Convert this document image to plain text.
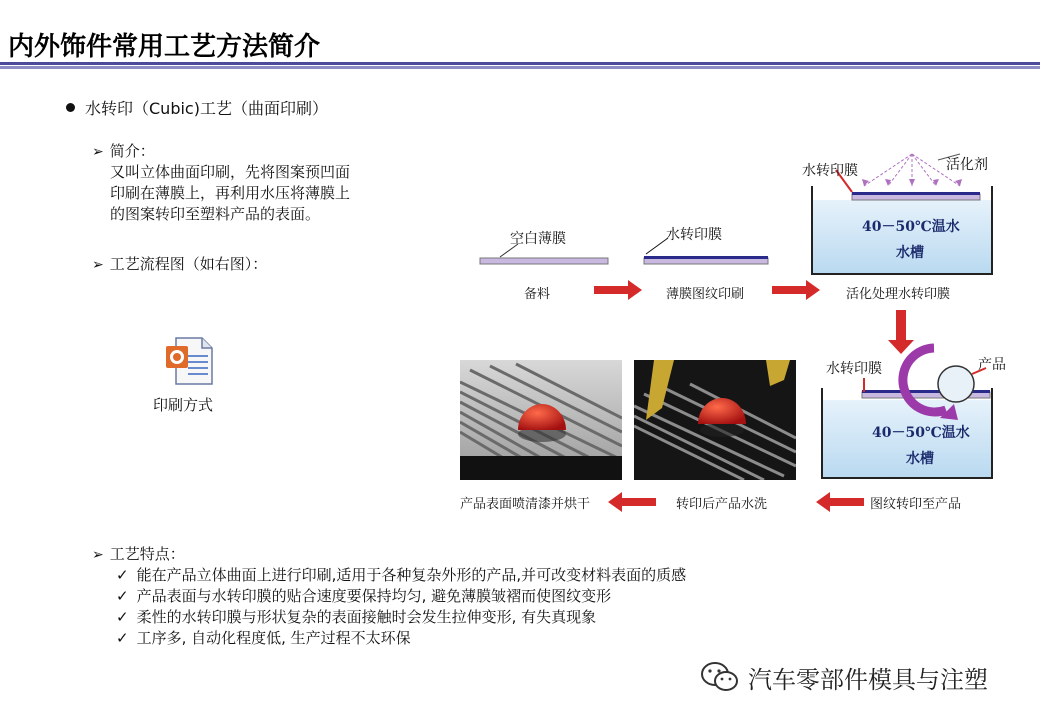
内外饰件常用工艺方法简介
水转印（Cubic)工艺（曲面印刷）
➢ 简介：
又叫立体曲面印刷，先将图案预凹面
印刷在薄膜上，再利用水压将薄膜上
的图案转印至塑料产品的表面。
➢ 工艺流程图（如右图）：
印刷方式
空白薄膜	水转印膜
水转印膜	活化剂
40－50℃温水
水槽
水转印膜	产品
40－50℃温水
水槽
备料	薄膜图纹印刷	活化处理水转印膜
图纹转印至产品
转印后产品水洗
产品表面喷清漆并烘干
➢ 工艺特点：
✓ 能在产品立体曲面上进行印刷,适用于各种复杂外形的产品,并可改变材料表面的质感
✓ 产品表面与水转印膜的贴合速度要保持均匀, 避免薄膜皱褶而使图纹变形
✓ 柔性的水转印膜与形状复杂的表面接触时会发生拉伸变形, 有失真现象
✓ 工序多, 自动化程度低, 生产过程不太环保
汽车零部件模具与注塑
